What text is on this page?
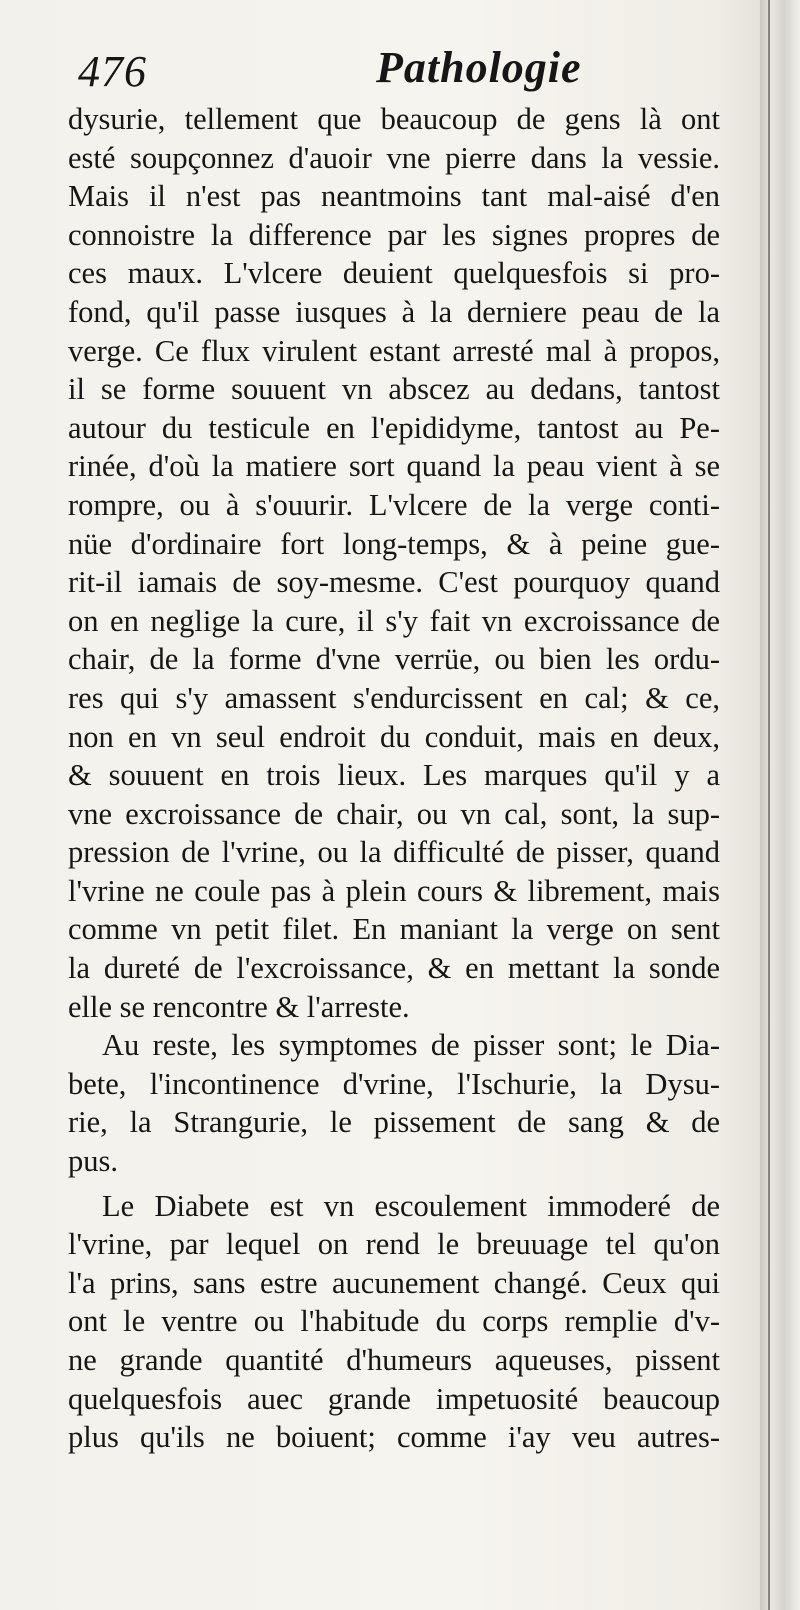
476	Pathologie
dysurie, tellement que beaucoup de gens là ont
esté soupçonnez d'auoir vne pierre dans la vessie.
Mais il n'est pas neantmoins tant mal-aisé d'en
connoistre la difference par les signes propres de
ces maux. L'vlcere deuient quelquesfois si pro-
fond, qu'il passe iusques à la derniere peau de la
verge. Ce flux virulent estant arresté mal à propos,
il se forme souuent vn abscez au dedans, tantost
autour du testicule en l'epididyme, tantost au Pe-
rinée, d'où la matiere sort quand la peau vient à se
rompre, ou à s'ouurir. L'vlcere de la verge conti-
nüe d'ordinaire fort long-temps, & à peine gue-
rit-il iamais de soy-mesme. C'est pourquoy quand
on en neglige la cure, il s'y fait vn excroissance de
chair, de la forme d'vne verrüe, ou bien les ordu-
res qui s'y amassent s'endurcissent en cal; & ce,
non en vn seul endroit du conduit, mais en deux,
& souuent en trois lieux. Les marques qu'il y a
vne excroissance de chair, ou vn cal, sont, la sup-
pression de l'vrine, ou la difficulté de pisser, quand
l'vrine ne coule pas à plein cours & librement, mais
comme vn petit filet. En maniant la verge on sent
la dureté de l'excroissance, & en mettant la sonde
elle se rencontre & l'arreste.
Au reste, les symptomes de pisser sont; le Dia-
bete, l'incontinence d'vrine, l'Ischurie, la Dysu-
rie, la Strangurie, le pissement de sang & de
pus.
Le Diabete est vn escoulement immoderé de
l'vrine, par lequel on rend le breuuage tel qu'on
l'a prins, sans estre aucunement changé. Ceux qui
ont le ventre ou l'habitude du corps remplie d'v-
ne grande quantité d'humeurs aqueuses, pissent
quelquesfois auec grande impetuosité beaucoup
plus qu'ils ne boiuent; comme i'ay veu autres-
